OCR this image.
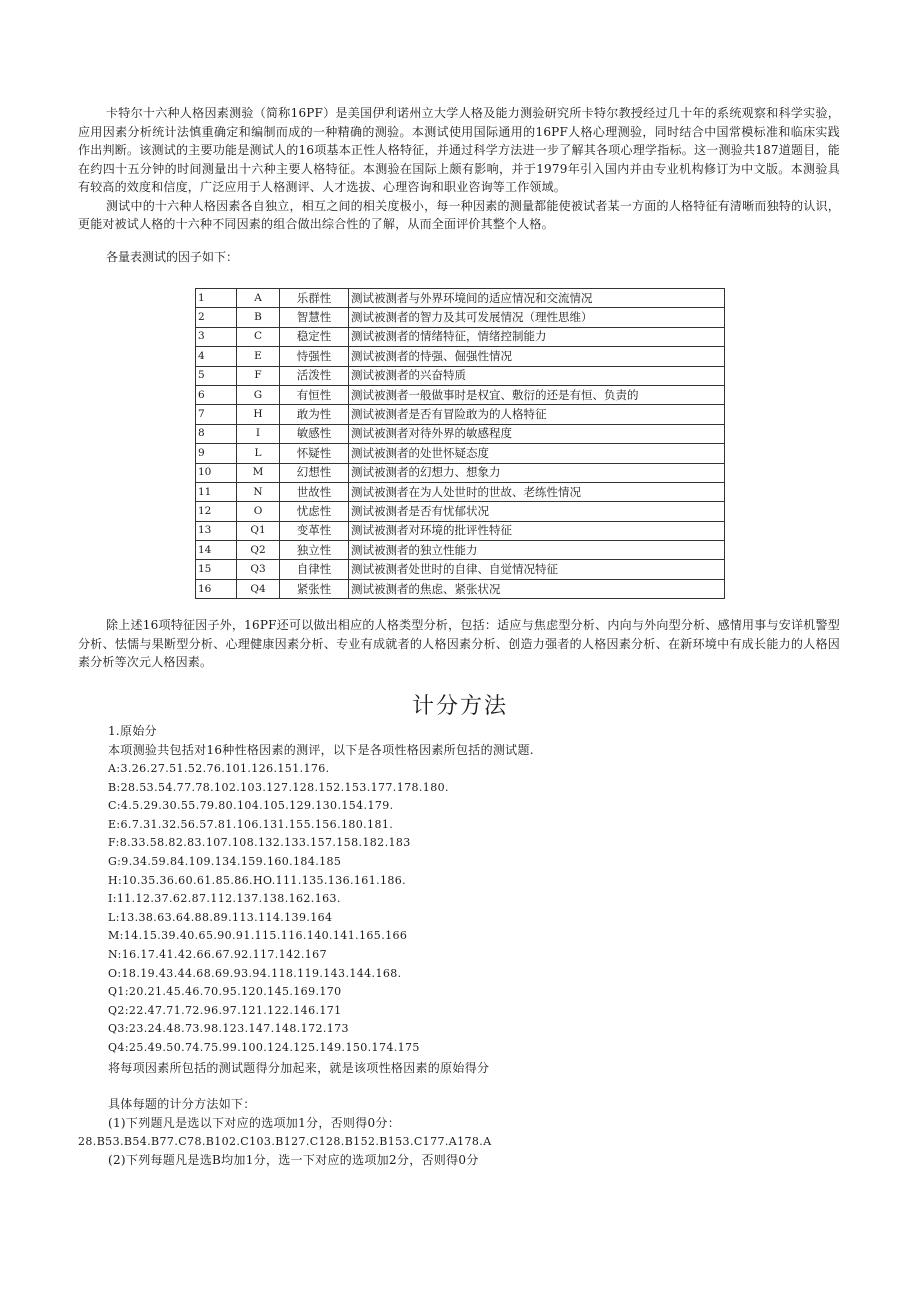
卡特尔十六种人格因素测验（简称16PF）是美国伊利诺州立大学人格及能力测验研究所卡特尔教授经过几十年的系统观察和科学实验，应用因素分析统计法慎重确定和编制而成的一种精确的测验。本测试使用国际通用的16PF人格心理测验，同时结合中国常模标准和临床实践作出判断。该测试的主要功能是测试人的16项基本正性人格特征，并通过科学方法进一步了解其各项心理学指标。这一测验共187道题目，能在约四十五分钟的时间测量出十六种主要人格特征。本测验在国际上颇有影响，并于1979年引入国内并由专业机构修订为中文版。本测验具有较高的效度和信度，广泛应用于人格测评、人才选拔、心理咨询和职业咨询等工作领域。

测试中的十六种人格因素各自独立，相互之间的相关度极小，每一种因素的测量都能使被试者某一方面的人格特征有清晰而独特的认识，更能对被试人格的十六种不同因素的组合做出综合性的了解，从而全面评价其整个人格。

各量表测试的因子如下：
1	A	乐群性	测试被测者与外界环境间的适应情况和交流情况
2	B	智慧性	测试被测者的智力及其可发展情况（理性思维）
3	C	稳定性	测试被测者的情绪特征，情绪控制能力
4	E	恃强性	测试被测者的恃强、倔强性情况
5	F	活泼性	测试被测者的兴奋特质
6	G	有恒性	测试被测者一般做事时是权宜、敷衍的还是有恒、负责的
7	H	敢为性	测试被测者是否有冒险敢为的人格特征
8	I	敏感性	测试被测者对待外界的敏感程度
9	L	怀疑性	测试被测者的处世怀疑态度
10	M	幻想性	测试被测者的幻想力、想象力
11	N	世故性	测试被测者在为人处世时的世故、老练性情况
12	O	忧虑性	测试被测者是否有忧郁状况
13	Q1	变革性	测试被测者对环境的批评性特征
14	Q2	独立性	测试被测者的独立性能力
15	Q3	自律性	测试被测者处世时的自律、自觉情况特征
16	Q4	紧张性	测试被测者的焦虑、紧张状况

除上述16项特征因子外，16PF还可以做出相应的人格类型分析，包括：适应与焦虑型分析、内向与外向型分析、感情用事与安详机警型分析、怯懦与果断型分析、心理健康因素分析、专业有成就者的人格因素分析、创造力强者的人格因素分析、在新环境中有成长能力的人格因素分析等次元人格因素。

计分方法
1.原始分
本项测验共包括对16种性格因素的测评，以下是各项性格因素所包括的测试题.
A:3.26.27.51.52.76.101.126.151.176.
B:28.53.54.77.78.102.103.127.128.152.153.177.178.180.
C:4.5.29.30.55.79.80.104.105.129.130.154.179.
E:6.7.31.32.56.57.81.106.131.155.156.180.181.
F:8.33.58.82.83.107.108.132.133.157.158.182.183
G:9.34.59.84.109.134.159.160.184.185
H:10.35.36.60.61.85.86.HO.111.135.136.161.186.
I:11.12.37.62.87.112.137.138.162.163.
L:13.38.63.64.88.89.113.114.139.164
M:14.15.39.40.65.90.91.115.116.140.141.165.166
N:16.17.41.42.66.67.92.117.142.167
O:18.19.43.44.68.69.93.94.118.119.143.144.168.
Q1:20.21.45.46.70.95.120.145.169.170
Q2:22.47.71.72.96.97.121.122.146.171
Q3:23.24.48.73.98.123.147.148.172.173
Q4:25.49.50.74.75.99.100.124.125.149.150.174.175
将每项因素所包括的测试题得分加起来，就是该项性格因素的原始得分
具体每题的计分方法如下：
(1)下列题凡是选以下对应的选项加1分，否则得0分：
28.B53.B54.B77.C78.B102.C103.B127.C128.B152.B153.C177.A178.A
(2)下列每题凡是选B均加1分，选一下对应的选项加2分，否则得0分
